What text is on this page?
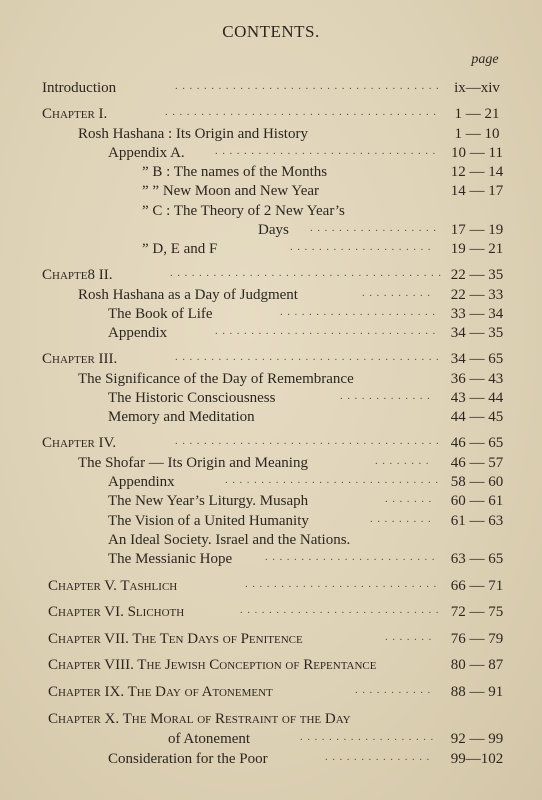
CONTENTS.
page
Introduction	..................................... ix—xiv
Chapter I.	...................................... 1 — 21
Rosh Hashana : Its Origin and History	1 — 10
Appendix A.	............................... 10 — 11
” B : The names of the Months	12 — 14
” ” New Moon and New Year	14 — 17
” C : The Theory of 2 New Year’s
Days .................. 17 — 19
” D, E and F	....................	19 — 21
Chapte8 II.	...................................... 22 — 35
Rosh Hashana as a Day of Judgment	..........	22 — 33
The Book of Life	...................... 33 — 34
Appendix	............................... 34 — 35
Chapter III.	..................................... 34 — 65
The Significance of the Day of Remembrance	36 — 43
The Historic Consciousness	.............	43 — 44
Memory and Meditation	44 — 45
Chapter IV.	..................................... 46 — 65
The Shofar — Its Origin and Meaning	........	46 — 57
Appendinx	.............................. 58 — 60
The New Year’s Liturgy. Musaph	.......	60 — 61
The Vision of a United Humanity	.........	61 — 63
An Ideal Society. Israel and the Nations.
The Messianic Hope	........................ 63 — 65
Chapter V. Tashlich	........................... 66 — 71
Chapter VI. Slichoth	............................ 72 — 75
Chapter VII. The Ten Days of Penitence	.......	76 — 79
Chapter VIII. The Jewish Conception of Repentance	80 — 87
Chapter IX. The Day of Atonement	...........	88 — 91
Chapter X. The Moral of Restraint of the Day
of Atonement	................... 92 — 99
Consideration for the Poor	...............	99—102
